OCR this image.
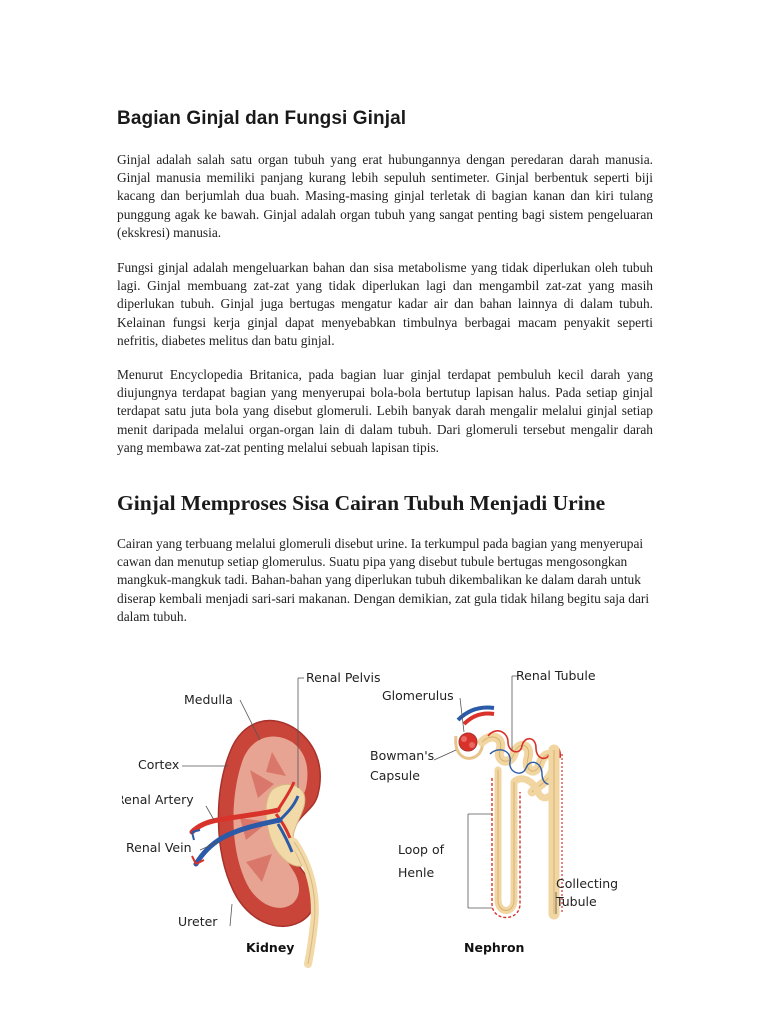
Bagian Ginjal dan Fungsi Ginjal

Ginjal adalah salah satu organ tubuh yang erat hubungannya dengan peredaran darah manusia. Ginjal manusia memiliki panjang kurang lebih sepuluh sentimeter. Ginjal berbentuk seperti biji kacang dan berjumlah dua buah. Masing-masing ginjal terletak di bagian kanan dan kiri tulang punggung agak ke bawah. Ginjal adalah organ tubuh yang sangat penting bagi sistem pengeluaran (ekskresi) manusia.

Fungsi ginjal adalah mengeluarkan bahan dan sisa metabolisme yang tidak diperlukan oleh tubuh lagi. Ginjal membuang zat-zat yang tidak diperlukan lagi dan mengambil zat-zat yang masih diperlukan tubuh. Ginjal juga bertugas mengatur kadar air dan bahan lainnya di dalam tubuh. Kelainan fungsi kerja ginjal dapat menyebabkan timbulnya berbagai macam penyakit seperti nefritis, diabetes melitus dan batu ginjal.

Menurut Encyclopedia Britanica, pada bagian luar ginjal terdapat pembuluh kecil darah yang diujungnya terdapat bagian yang menyerupai bola-bola bertutup lapisan halus. Pada setiap ginjal terdapat satu juta bola yang disebut glomeruli. Lebih banyak darah mengalir melalui ginjal setiap menit daripada melalui organ-organ lain di dalam tubuh. Dari glomeruli tersebut mengalir darah yang membawa zat-zat penting melalui sebuah lapisan tipis.

Ginjal Memproses Sisa Cairan Tubuh Menjadi Urine

Cairan yang terbuang melalui glomeruli disebut urine. Ia terkumpul pada bagian yang menyerupai cawan dan menutup setiap glomerulus. Suatu pipa yang disebut tubule bertugas mengosongkan mangkuk-mangkuk tadi. Bahan-bahan yang diperlukan tubuh dikembalikan ke dalam darah untuk diserap kembali menjadi sari-sari makanan. Dengan demikian, zat gula tidak hilang begitu saja dari dalam tubuh.

Medulla
Renal Pelvis
Cortex
Renal Artery
Renal Vein
Ureter
Kidney
Glomerulus
Renal Tubule
Bowman's
Capsule
Loop of
Henle
Collecting
Tubule
Nephron
